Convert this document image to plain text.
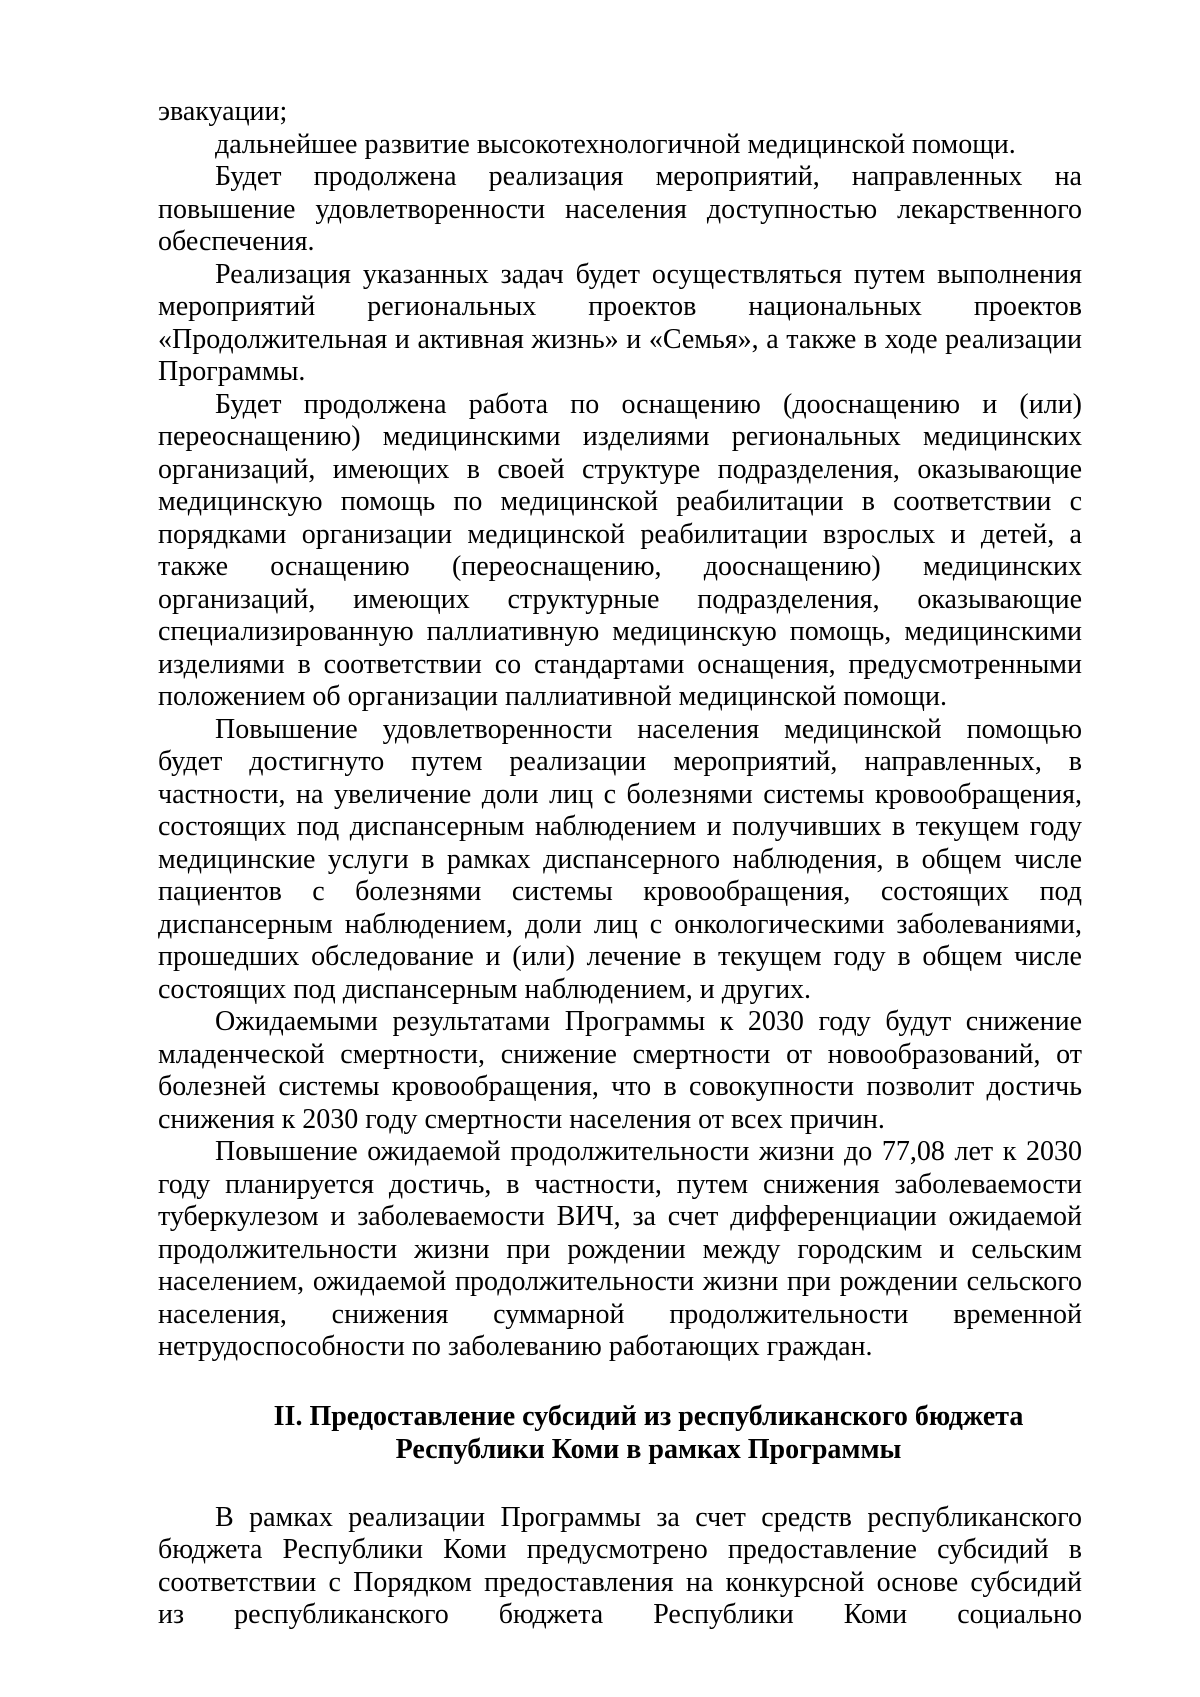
эвакуации;
дальнейшее развитие высокотехнологичной медицинской помощи.
Будет продолжена реализация мероприятий, направленных на
повышение удовлетворенности населения доступностью лекарственного
обеспечения.
Реализация указанных задач будет осуществляться путем выполнения
мероприятий региональных проектов национальных проектов
«Продолжительная и активная жизнь» и «Семья», а также в ходе реализации
Программы.
Будет продолжена работа по оснащению (дооснащению и (или)
переоснащению) медицинскими изделиями региональных медицинских
организаций, имеющих в своей структуре подразделения, оказывающие
медицинскую помощь по медицинской реабилитации в соответствии с
порядками организации медицинской реабилитации взрослых и детей, а
также оснащению (переоснащению, дооснащению) медицинских
организаций, имеющих структурные подразделения, оказывающие
специализированную паллиативную медицинскую помощь, медицинскими
изделиями в соответствии со стандартами оснащения, предусмотренными
положением об организации паллиативной медицинской помощи.
Повышение удовлетворенности населения медицинской помощью
будет достигнуто путем реализации мероприятий, направленных, в
частности, на увеличение доли лиц с болезнями системы кровообращения,
состоящих под диспансерным наблюдением и получивших в текущем году
медицинские услуги в рамках диспансерного наблюдения, в общем числе
пациентов с болезнями системы кровообращения, состоящих под
диспансерным наблюдением, доли лиц с онкологическими заболеваниями,
прошедших обследование и (или) лечение в текущем году в общем числе
состоящих под диспансерным наблюдением, и других.
Ожидаемыми результатами Программы к 2030 году будут снижение
младенческой смертности, снижение смертности от новообразований, от
болезней системы кровообращения, что в совокупности позволит достичь
снижения к 2030 году смертности населения от всех причин.
Повышение ожидаемой продолжительности жизни до 77,08 лет к 2030
году планируется достичь, в частности, путем снижения заболеваемости
туберкулезом и заболеваемости ВИЧ, за счет дифференциации ожидаемой
продолжительности жизни при рождении между городским и сельским
населением, ожидаемой продолжительности жизни при рождении сельского
населения, снижения суммарной продолжительности временной
нетрудоспособности по заболеванию работающих граждан.
II. Предоставление субсидий из республиканского бюджета
Республики Коми в рамках Программы
В рамках реализации Программы за счет средств республиканского
бюджета Республики Коми предусмотрено предоставление субсидий в
соответствии с Порядком предоставления на конкурсной основе субсидий
из республиканского бюджета Республики Коми социально
